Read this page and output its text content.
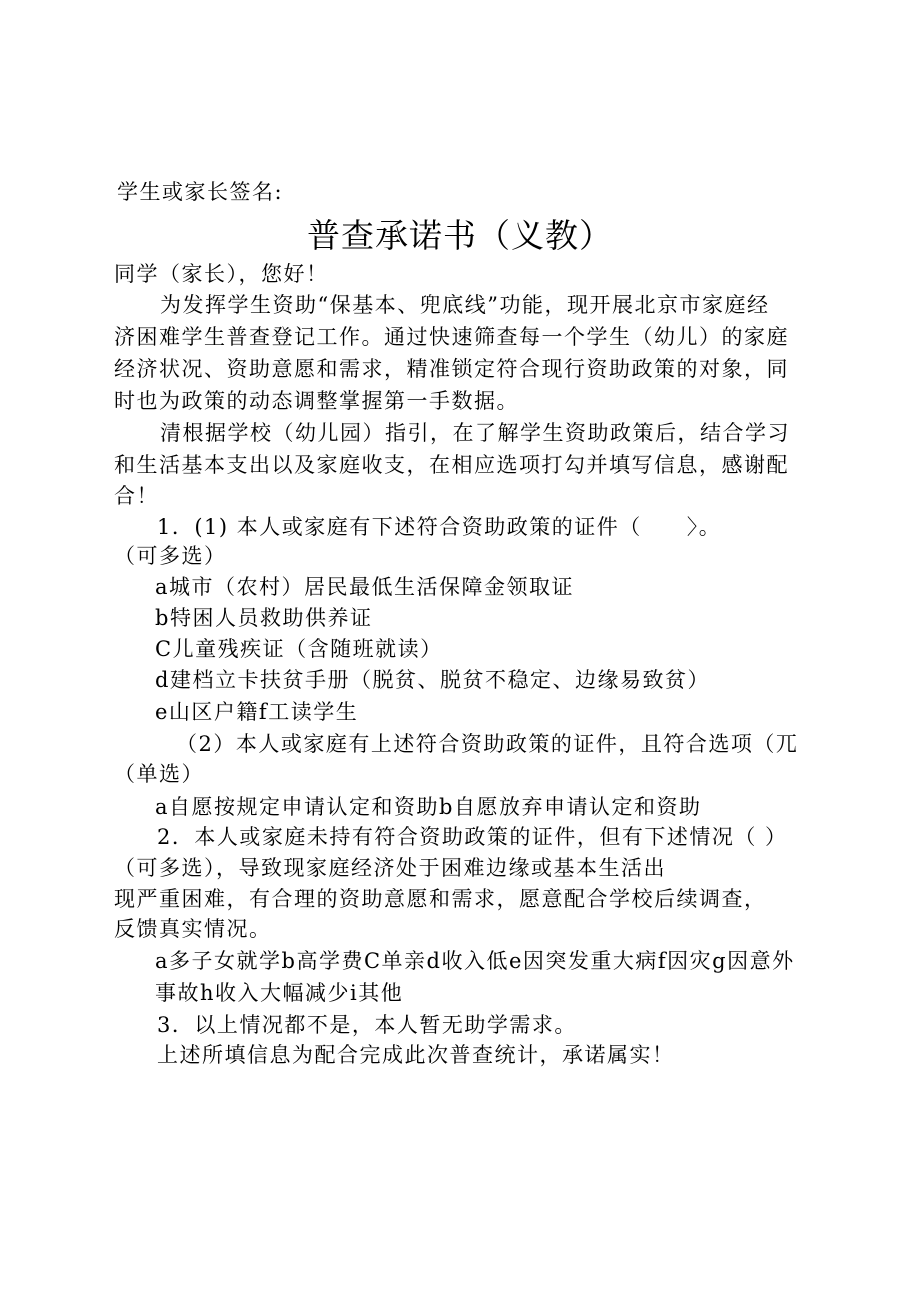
学生或家长签名:
普查承诺书（义教）
同学（家长），您好！
为发挥学生资助“保基本、兜底线”功能，现开展北京市家庭经
济困难学生普查登记工作。通过快速筛查每一个学生（幼儿）的家庭
经济状况、资助意愿和需求，精准锁定符合现行资助政策的对象，同
时也为政策的动态调整掌握第一手数据。
清根据学校（幼儿园）指引，在了解学生资助政策后，结合学习
和生活基本支出以及家庭收支，在相应选项打勾并填写信息，感谢配
合！
1．(1) 本人或家庭有下述符合资助政策的证件（　　〉。
（可多选）
a城市（农村）居民最低生活保障金领取证
b特困人员救助供养证
C儿童残疾证（含随班就读）
d建档立卡扶贫手册（脱贫、脱贫不稳定、边缘易致贫）
e山区户籍f工读学生
（2）本人或家庭有上述符合资助政策的证件，且符合选项（兀
（单选）
a自愿按规定申请认定和资助b自愿放弃申请认定和资助
2．本人或家庭未持有符合资助政策的证件，但有下述情况（ ）
（可多选），导致现家庭经济处于困难边缘或基本生活出
现严重困难，有合理的资助意愿和需求，愿意配合学校后续调查，
反馈真实情况。
a多子女就学b高学费C单亲d收入低e因突发重大病f因灾g因意外
事故h收入大幅减少i其他
3．以上情况都不是，本人暂无助学需求。
上述所填信息为配合完成此次普查统计，承诺属实！
